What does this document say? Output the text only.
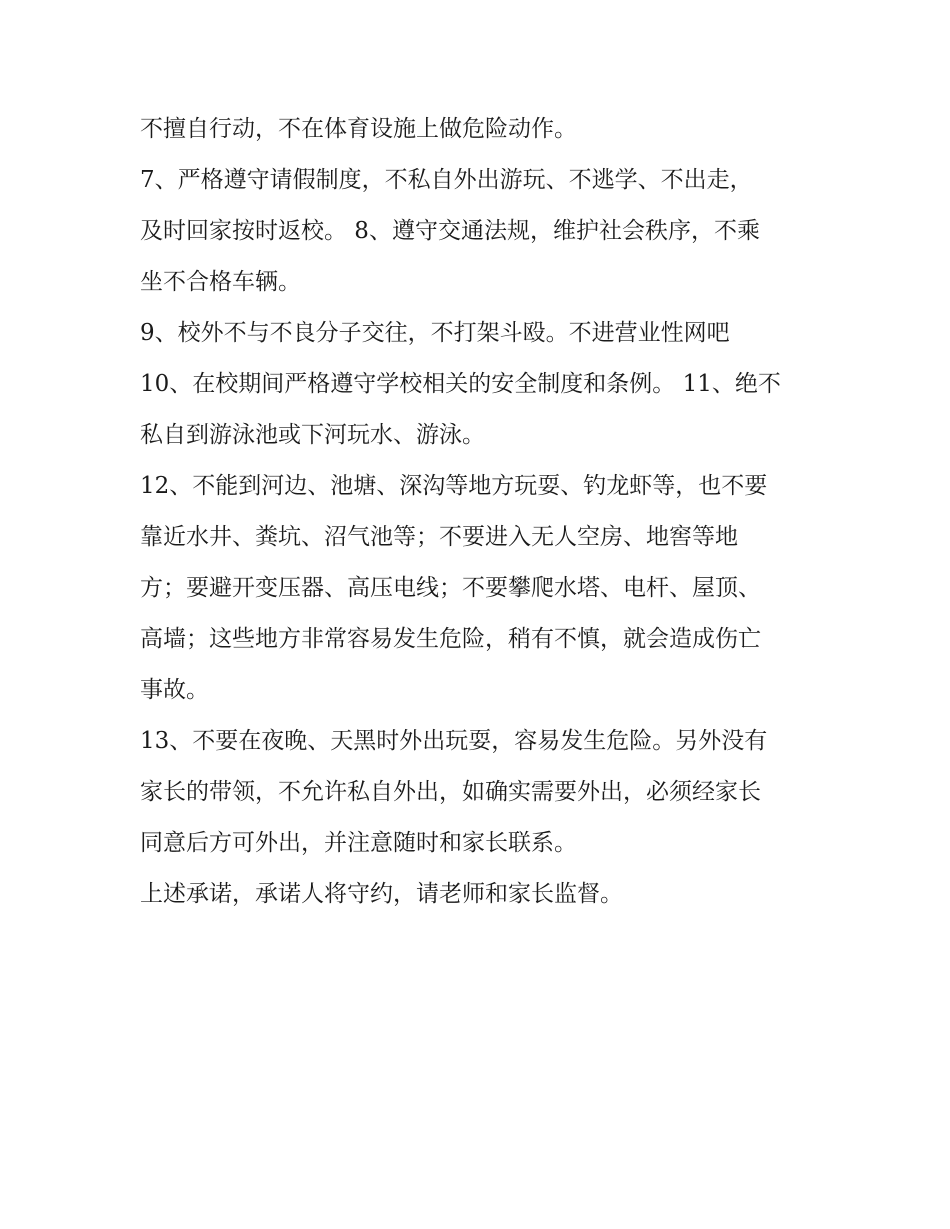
不擅自行动，不在体育设施上做危险动作。
7、严格遵守请假制度，不私自外出游玩、不逃学、不出走，
及时回家按时返校。 8、遵守交通法规，维护社会秩序，不乘
坐不合格车辆。
9、校外不与不良分子交往，不打架斗殴。不进营业性网吧
10、在校期间严格遵守学校相关的安全制度和条例。 11、绝不
私自到游泳池或下河玩水、游泳。
12、不能到河边、池塘、深沟等地方玩耍、钓龙虾等，也不要
靠近水井、粪坑、沼气池等；不要进入无人空房、地窖等地
方；要避开变压器、高压电线；不要攀爬水塔、电杆、屋顶、
高墙；这些地方非常容易发生危险，稍有不慎，就会造成伤亡
事故。
13、不要在夜晚、天黑时外出玩耍，容易发生危险。另外没有
家长的带领，不允许私自外出，如确实需要外出，必须经家长
同意后方可外出，并注意随时和家长联系。
上述承诺，承诺人将守约，请老师和家长监督。
